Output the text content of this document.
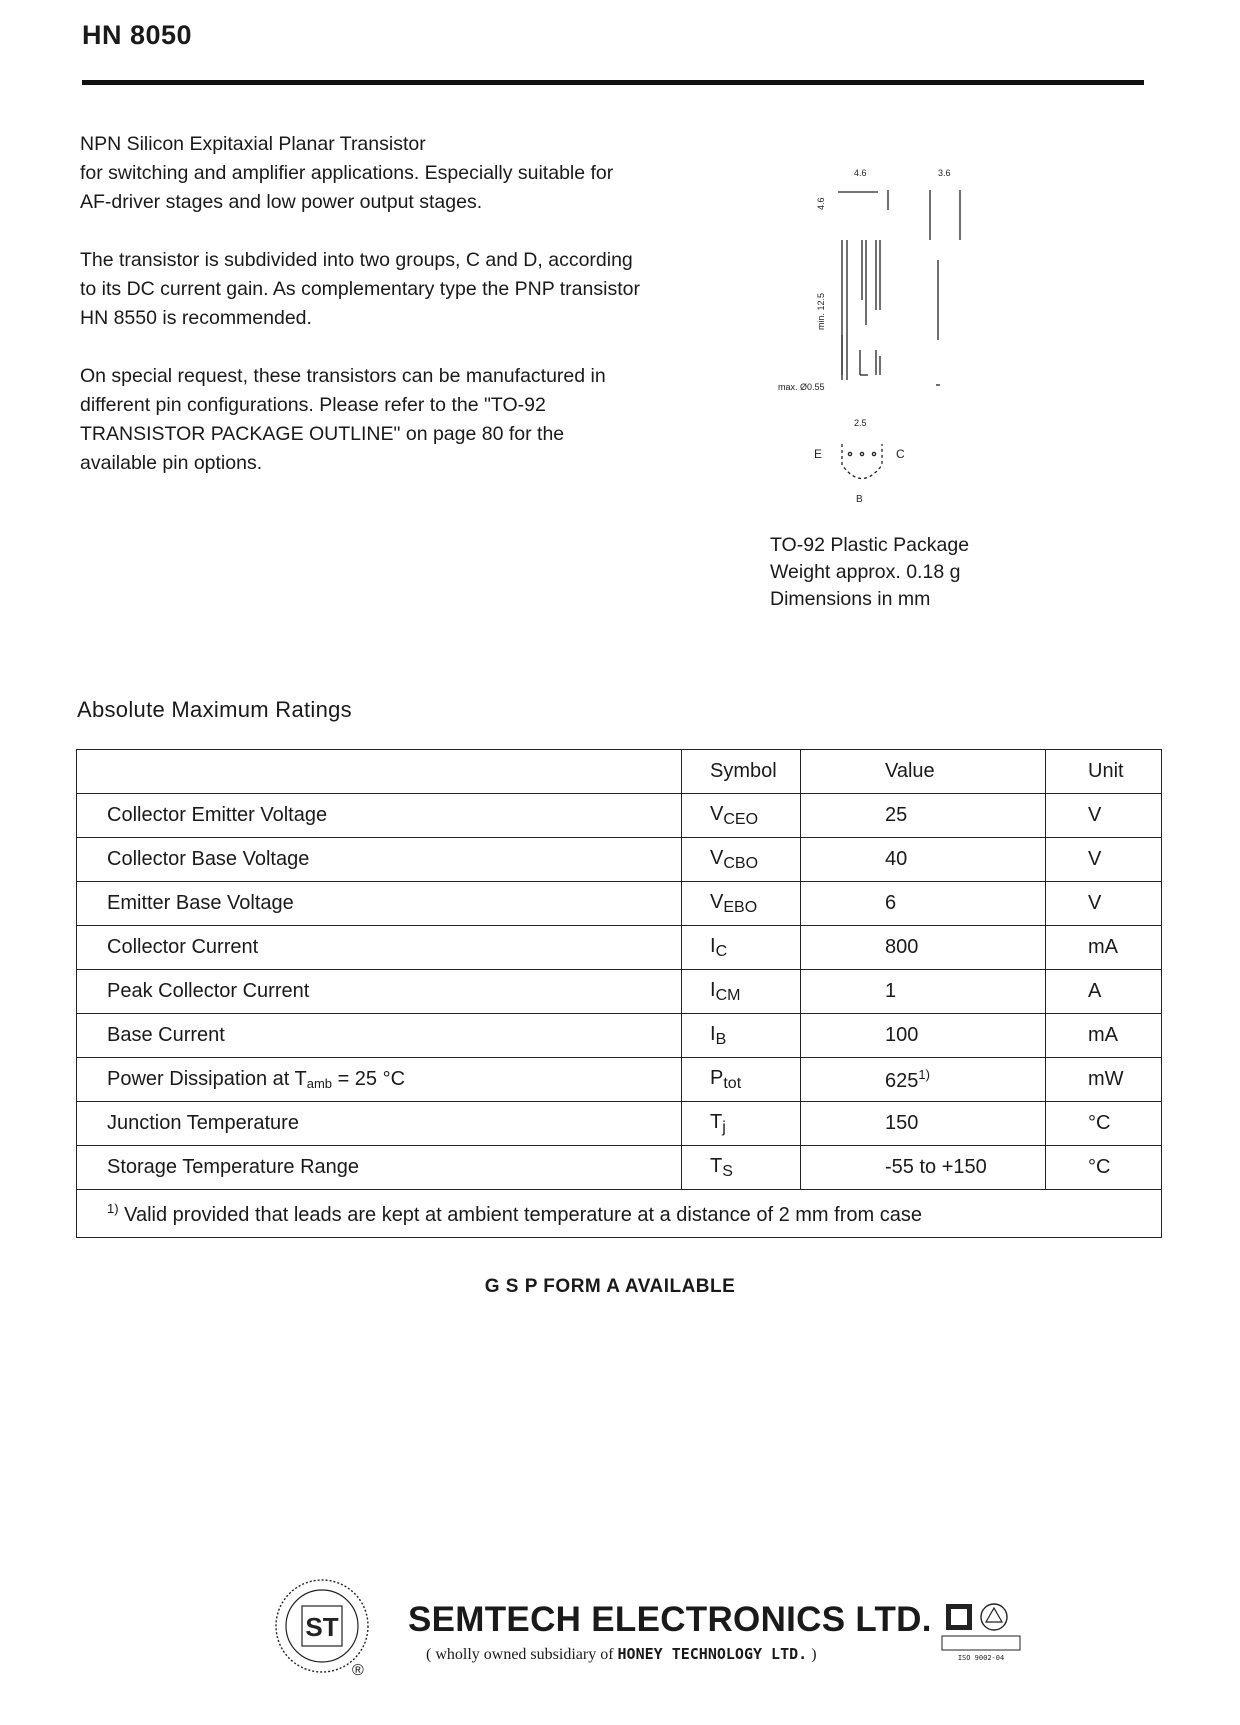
HN 8050

NPN Silicon Expitaxial Planar Transistor

for switching and amplifier applications. Especially suitable for AF-driver stages and low power output stages.

The transistor is subdivided into two groups, C and D, according to its DC current gain. As complementary type the PNP transistor HN 8550 is recommended.

On special request, these transistors can be manufactured in different pin configurations. Please refer to the "TO-92 TRANSISTOR PACKAGE OUTLINE" on page 80 for the available pin options.

4.6	3.6
4.6
min. 12.5
max. Ø0.55
2.5
E	C
B
TO-92 Plastic Package
Weight approx. 0.18 g
Dimensions in mm
Absolute Maximum Ratings
	Symbol	Value	Unit
Collector Emitter Voltage	$V_{CEO}$	25	V
Collector Base Voltage	$V_{CBO}$	40	V
Emitter Base Voltage	$V_{EBO}$	6	V
Collector Current	$I_C$	800	mA
Peak Collector Current	$I_{CM}$	1	A
Base Current	$I_B$	100	mA
Power Dissipation at $T_{amb} = 25$ °C	$P_{tot}$	625$^{1)}$	mW
Junction Temperature	$T_j$	150	°C
Storage Temperature Range	$T_S$	-55 to +150	°C
$^{1)}$ Valid provided that leads are kept at ambient temperature at a distance of 2 mm from case			
G S P FORM A AVAILABLE
ST
®
SEMTECH ELECTRONICS LTD.
( wholly owned subsidiary of HONEY TECHNOLOGY LTD. )	ISO 9002-04
